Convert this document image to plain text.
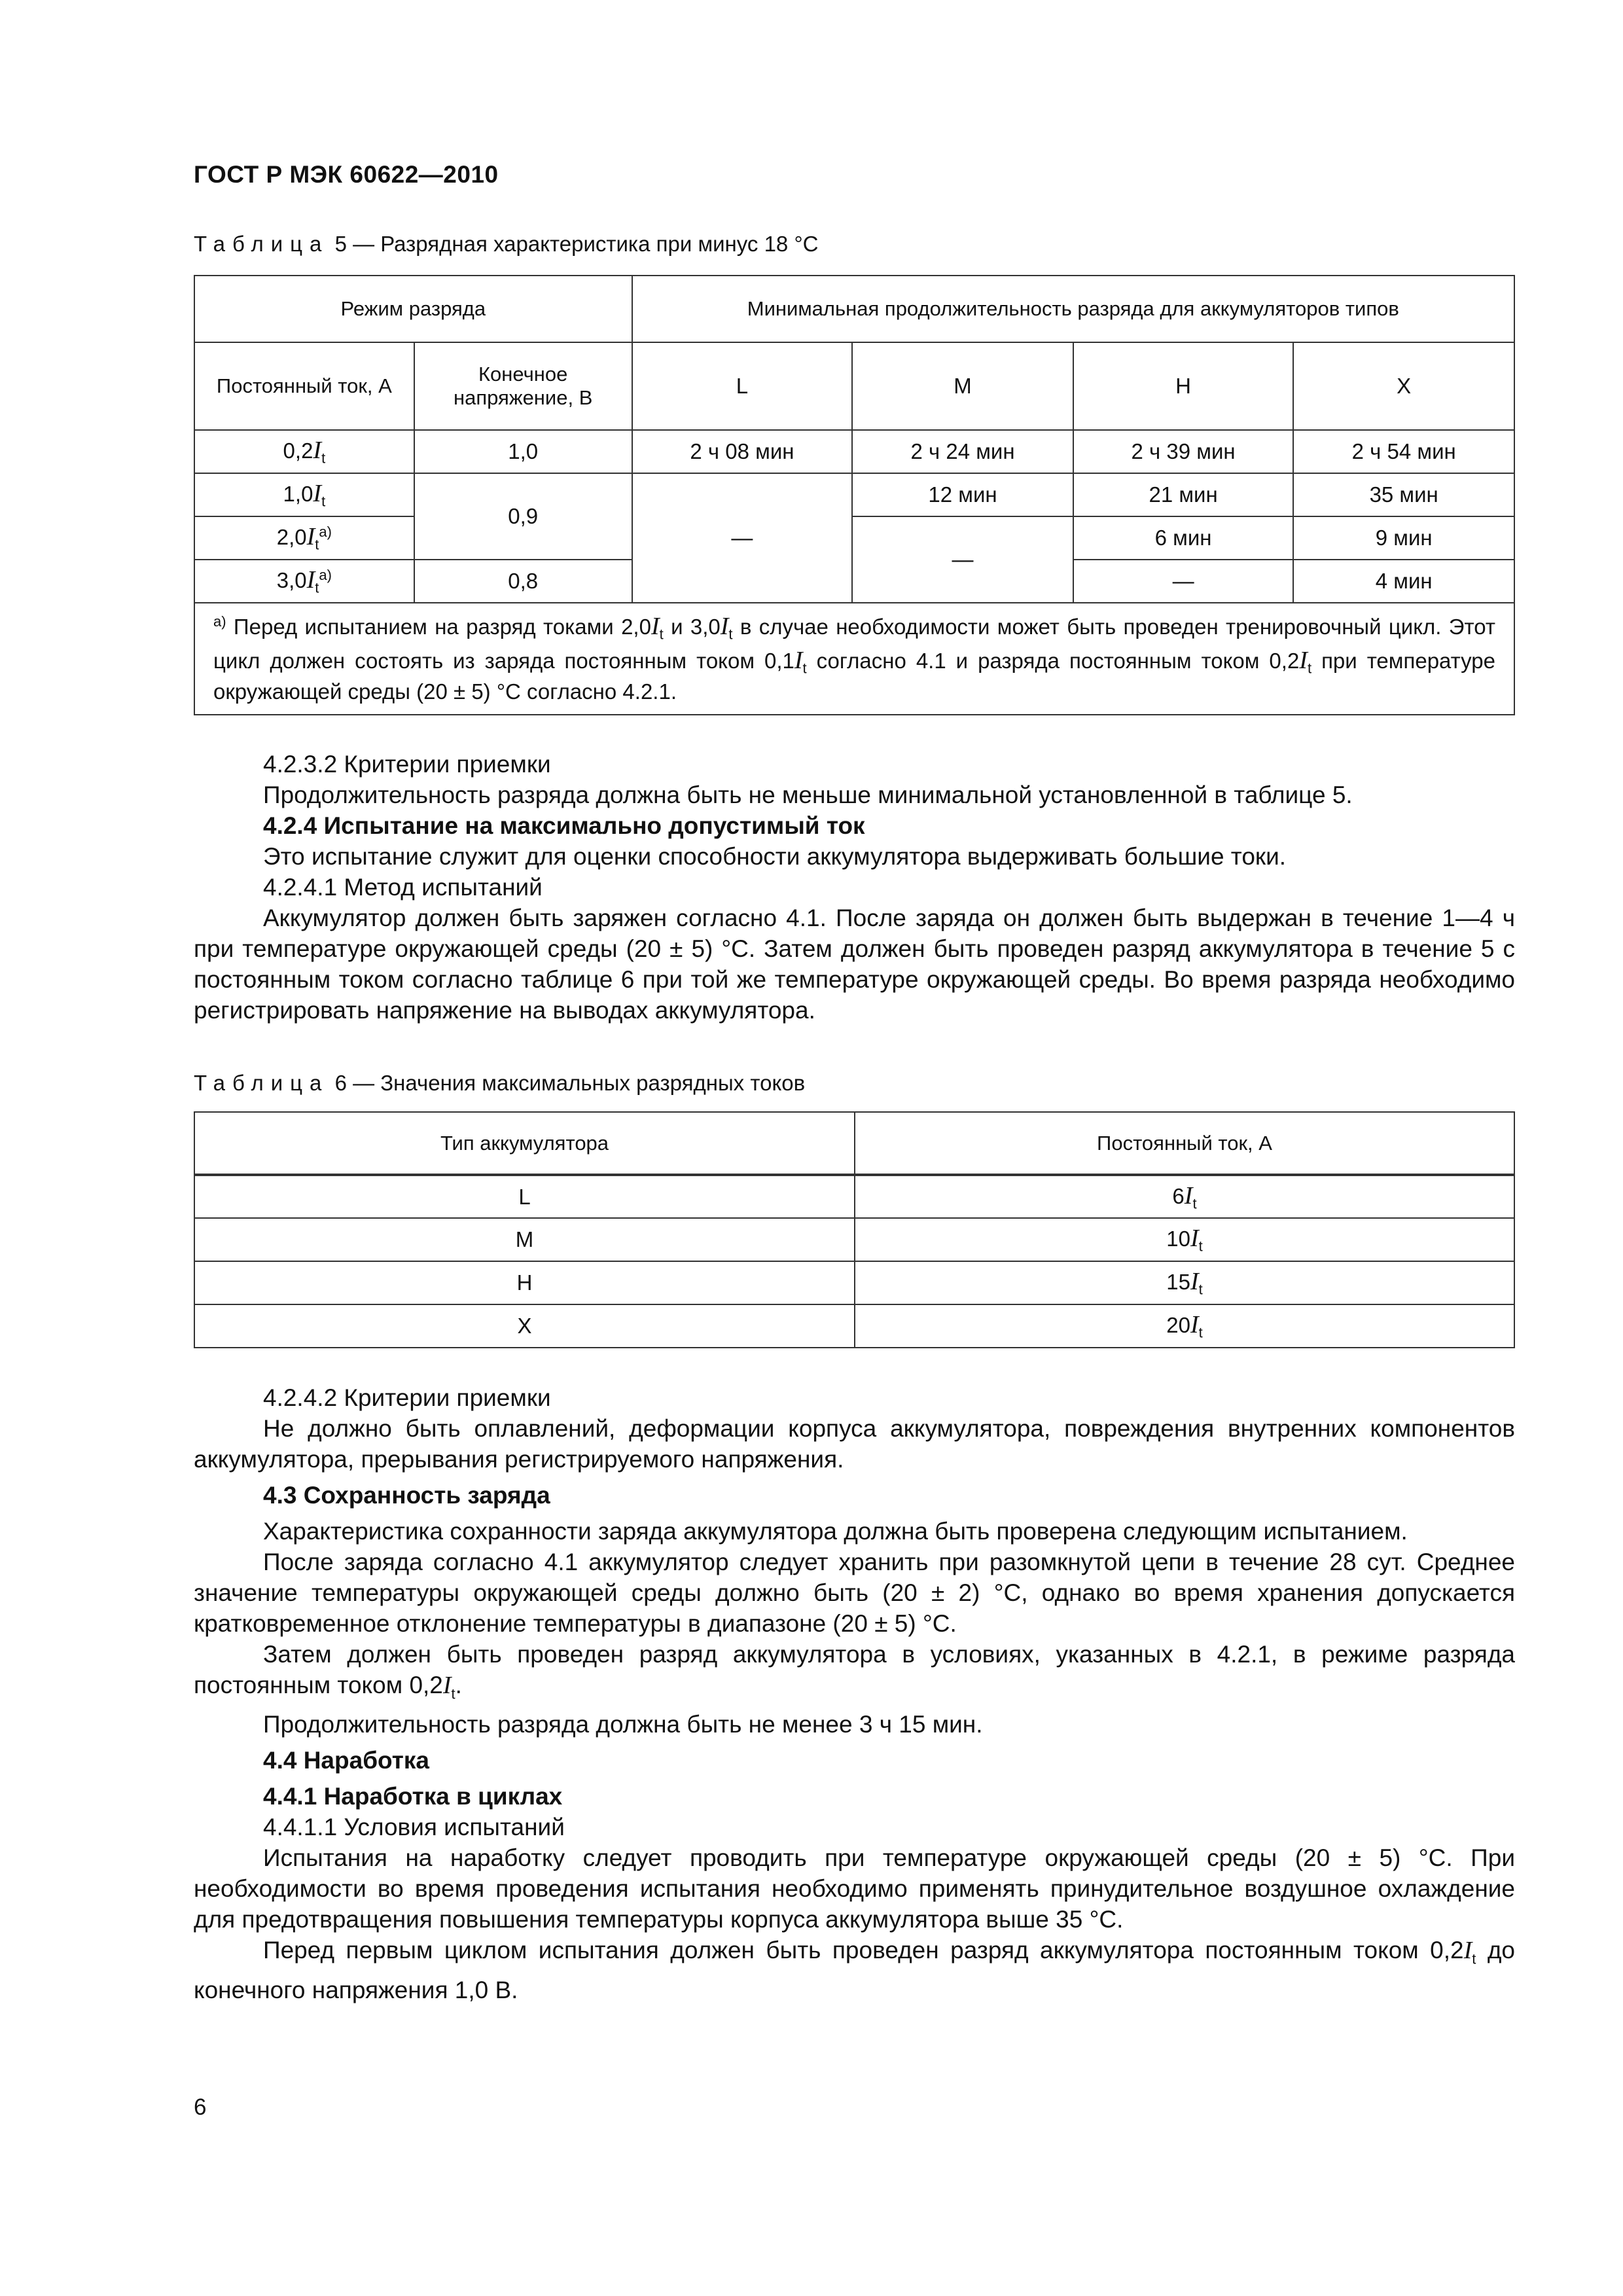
ГОСТ Р МЭК 60622—2010
Таблица 5 — Разрядная характеристика при минус 18 °C
Режим разряда		Минимальная продолжительность разряда для аккумуляторов типов			
Постоянный ток, А	Конечное напряжение, В	L	M	H	X
$0,2I_t$	1,0	2 ч 08 мин	2 ч 24 мин	2 ч 39 мин	2 ч 54 мин
$1,0I_t$	0,9	—	12 мин	21 мин	35 мин
$2,0I_t^{а)}$			—	6 мин	9 мин
$3,0I_t^{а)}$	0,8			—	4 мин
$^{а)}$ Перед испытанием на разряд токами $2,0I_t$ и $3,0I_t$ в случае необходимости может быть проведен тренировочный цикл. Этот цикл должен состоять из заряда постоянным током $0,1I_t$ согласно 4.1 и разряда постоянным током $0,2I_t$ при температуре окружающей среды (20 ± 5) °С согласно 4.2.1.					

4.2.3.2 Критерии приемки

Продолжительность разряда должна быть не меньше минимальной установленной в таблице 5.

4.2.4 Испытание на максимально допустимый ток

Это испытание служит для оценки способности аккумулятора выдерживать большие токи.

4.2.4.1 Метод испытаний

Аккумулятор должен быть заряжен согласно 4.1. После заряда он должен быть выдержан в течение 1—4 ч при температуре окружающей среды (20 ± 5) °С. Затем должен быть проведен разряд аккумулятора в течение 5 с постоянным током согласно таблице 6 при той же температуре окружающей среды. Во время разряда необходимо регистрировать напряжение на выводах аккумулятора.

Таблица 6 — Значения максимальных разрядных токов
Тип аккумулятора	Постоянный ток, А
L	$6I_t$
M	$10I_t$
H	$15I_t$
X	$20I_t$

4.2.4.2 Критерии приемки

Не должно быть оплавлений, деформации корпуса аккумулятора, повреждения внутренних компонентов аккумулятора, прерывания регистрируемого напряжения.

4.3 Сохранность заряда

Характеристика сохранности заряда аккумулятора должна быть проверена следующим испытанием.

После заряда согласно 4.1 аккумулятор следует хранить при разомкнутой цепи в течение 28 сут. Среднее значение температуры окружающей среды должно быть (20 ± 2) °С, однако во время хранения допускается кратковременное отклонение температуры в диапазоне (20 ± 5) °С.

Затем должен быть проведен разряд аккумулятора в условиях, указанных в 4.2.1, в режиме разряда постоянным током $0,2I_t$.

Продолжительность разряда должна быть не менее 3 ч 15 мин.

4.4 Наработка

4.4.1 Наработка в циклах

4.4.1.1 Условия испытаний

Испытания на наработку следует проводить при температуре окружающей среды (20 ± 5) °С. При необходимости во время проведения испытания необходимо применять принудительное воздушное охлаждение для предотвращения повышения температуры корпуса аккумулятора выше 35 °С.

Перед первым циклом испытания должен быть проведен разряд аккумулятора постоянным током $0,2I_t$ до конечного напряжения 1,0 В.

6
